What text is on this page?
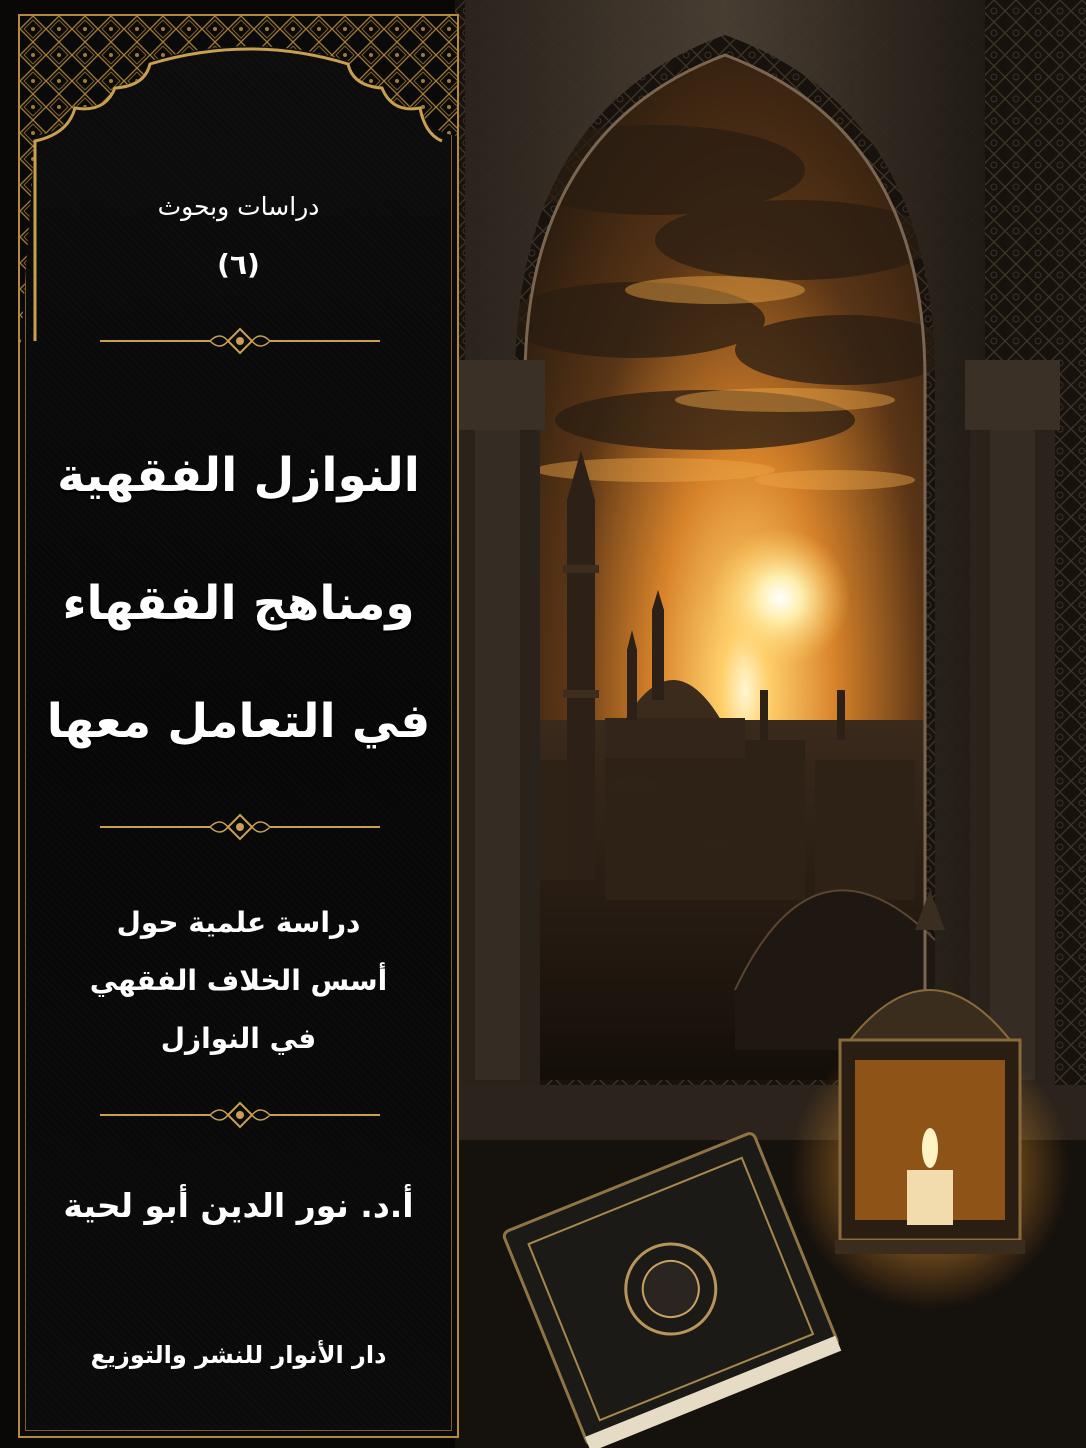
دراسات وبحوث
(٦)
النوازل الفقهية
ومناهج الفقهاء
في التعامل معها
دراسة علمية حول
أسس الخلاف الفقهي
في النوازل
أ.د. نور الدين أبو لحية
دار الأنوار للنشر والتوزيع
